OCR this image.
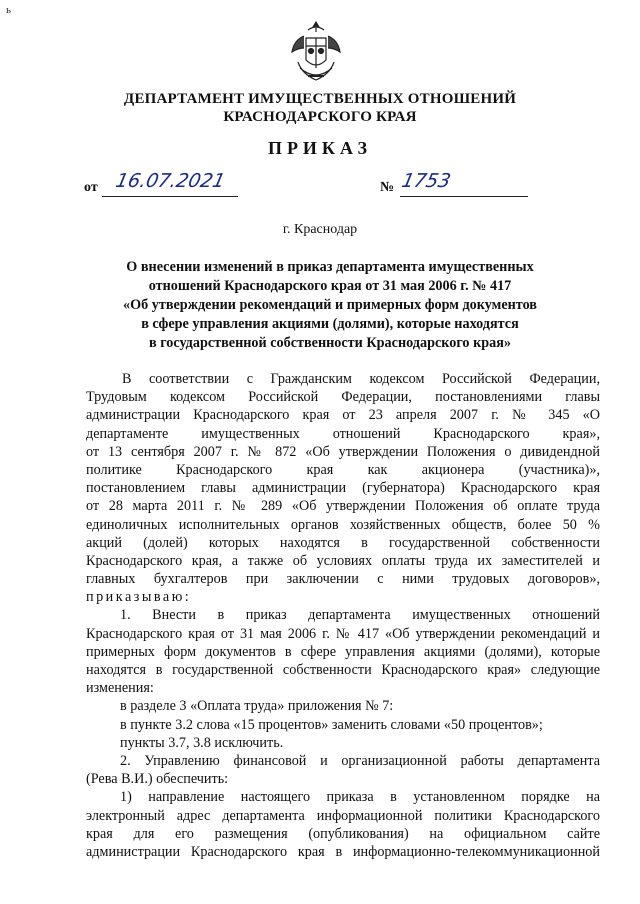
ь
ДЕПАРТАМЕНТ ИМУЩЕСТВЕННЫХ ОТНОШЕНИЙ
КРАСНОДАРСКОГО КРАЯ
ПРИКАЗ
от 16.07.2021	№ 1753
г. Краснодар
О внесении изменений в приказ департамента имущественных
отношений Краснодарского края от 31 мая 2006 г. № 417
«Об утверждении рекомендаций и примерных форм документов
в сфере управления акциями (долями), которые находятся
в государственной собственности Краснодарского края»
В соответствии с Гражданским кодексом Российской Федерации,
Трудовым кодексом Российской Федерации, постановлениями главы
администрации Краснодарского края от 23 апреля 2007 г. № 345 «О
департаменте имущественных отношений Краснодарского края»,
от 13 сентября 2007 г. № 872 «Об утверждении Положения о дивидендной
политике Краснодарского края как акционера (участника)»,
постановлением главы администрации (губернатора) Краснодарского края
от 28 марта 2011 г. № 289 «Об утверждении Положения об оплате труда
единоличных исполнительных органов хозяйственных обществ, более 50 %
акций (долей) которых находятся в государственной собственности
Краснодарского края, а также об условиях оплаты труда их заместителей и
главных бухгалтеров при заключении с ними трудовых договоров»,
приказываю:
1. Внести в приказ департамента имущественных отношений
Краснодарского края от 31 мая 2006 г. № 417 «Об утверждении рекомендаций и
примерных форм документов в сфере управления акциями (долями), которые
находятся в государственной собственности Краснодарского края» следующие
изменения:
в разделе 3 «Оплата труда» приложения № 7:
в пункте 3.2 слова «15 процентов» заменить словами «50 процентов»;
пункты 3.7, 3.8 исключить.
2. Управлению финансовой и организационной работы департамента
(Рева В.И.) обеспечить:
1) направление настоящего приказа в установленном порядке на
электронный адрес департамента информационной политики Краснодарского
края для его размещения (опубликования) на официальном сайте
администрации Краснодарского края в информационно-телекоммуникационной
